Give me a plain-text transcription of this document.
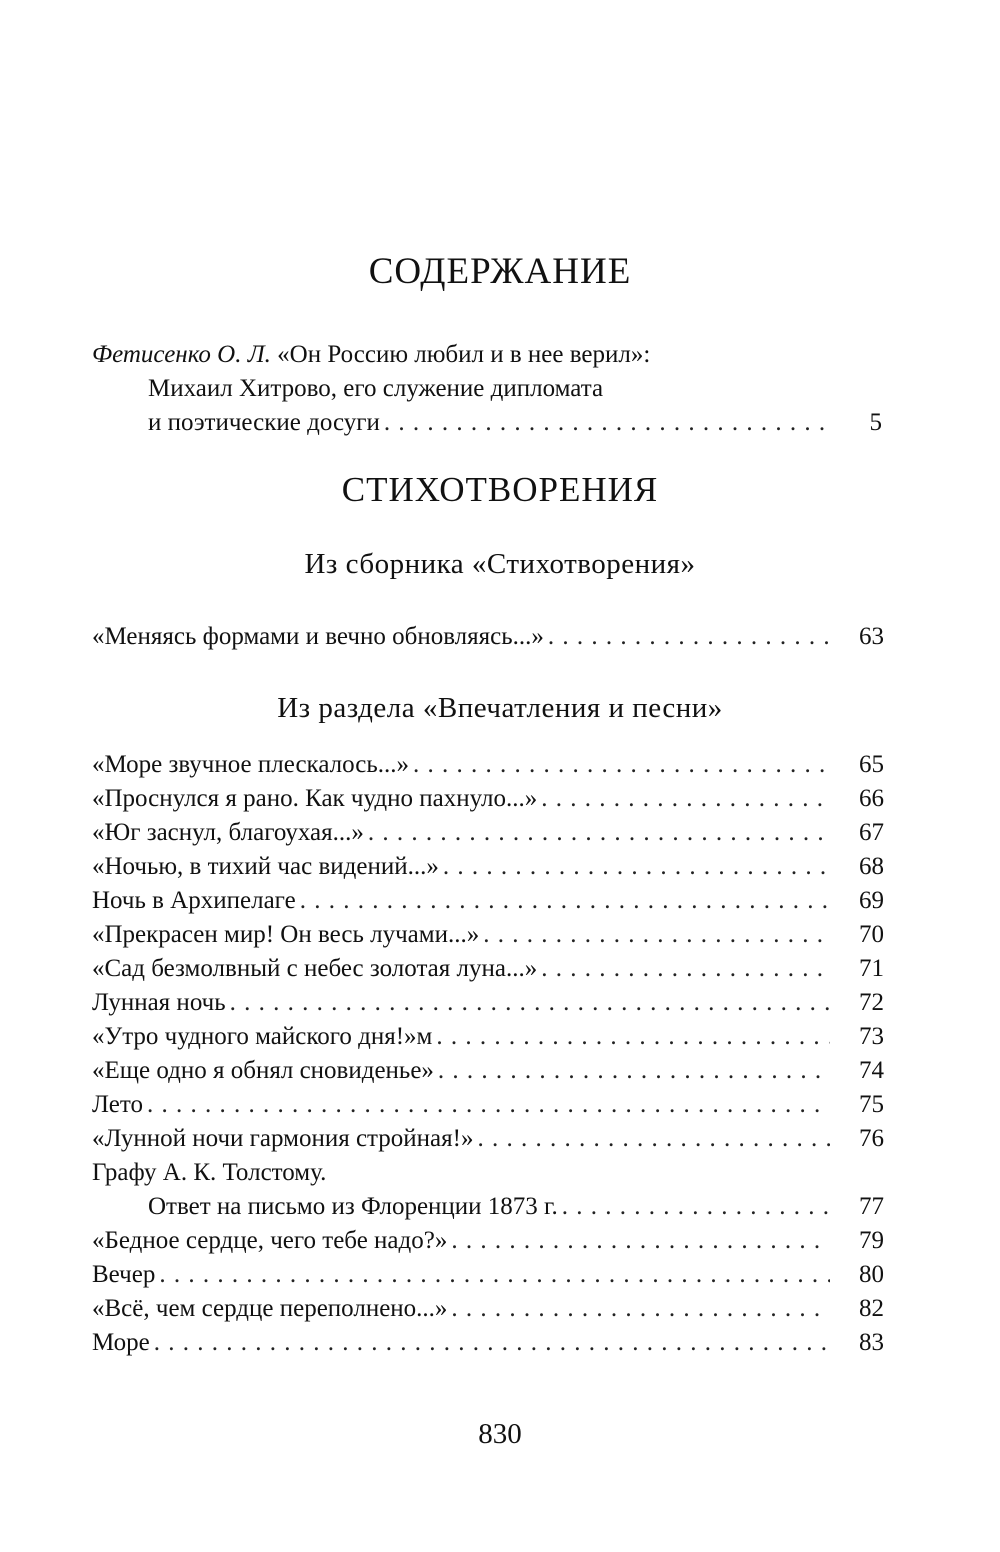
СОДЕРЖАНИЕ
Фетисенко О. Л. «Он Россию любил и в нее верил»:
Михаил Хитрово, его служение дипломата
и поэтические досуги . . .	5
СТИХОТВОРЕНИЯ
Из сборника «Стихотворения»
«Меняясь формами и вечно обновляясь...» . . .	63
Из раздела «Впечатления и песни»
«Море звучное плескалось...» . . .	65
«Проснулся я рано. Как чудно пахнуло...» . . .	66
«Юг заснул, благоухая...» . . .	67
«Ночью, в тихий час видений...» . . .	68
Ночь в Архипелаге . . .	69
«Прекрасен мир! Он весь лучами...» . . .	70
«Сад безмолвный с небес золотая луна...» . . .	71
Лунная ночь . . .	72
«Утро чудного майского дня!»м . . .	73
«Еще одно я обнял сновиденье» . . .	74
Лето . . .	75
«Лунной ночи гармония стройная!» . . .	76
Графу А. К. Толстому.
Ответ на письмо из Флоренции 1873 г. . . .	77
«Бедное сердце, чего тебе надо?» . . .	79
Вечер . . .	80
«Всё, чем сердце переполнено...» . . .	82
Море . . .	83
830
